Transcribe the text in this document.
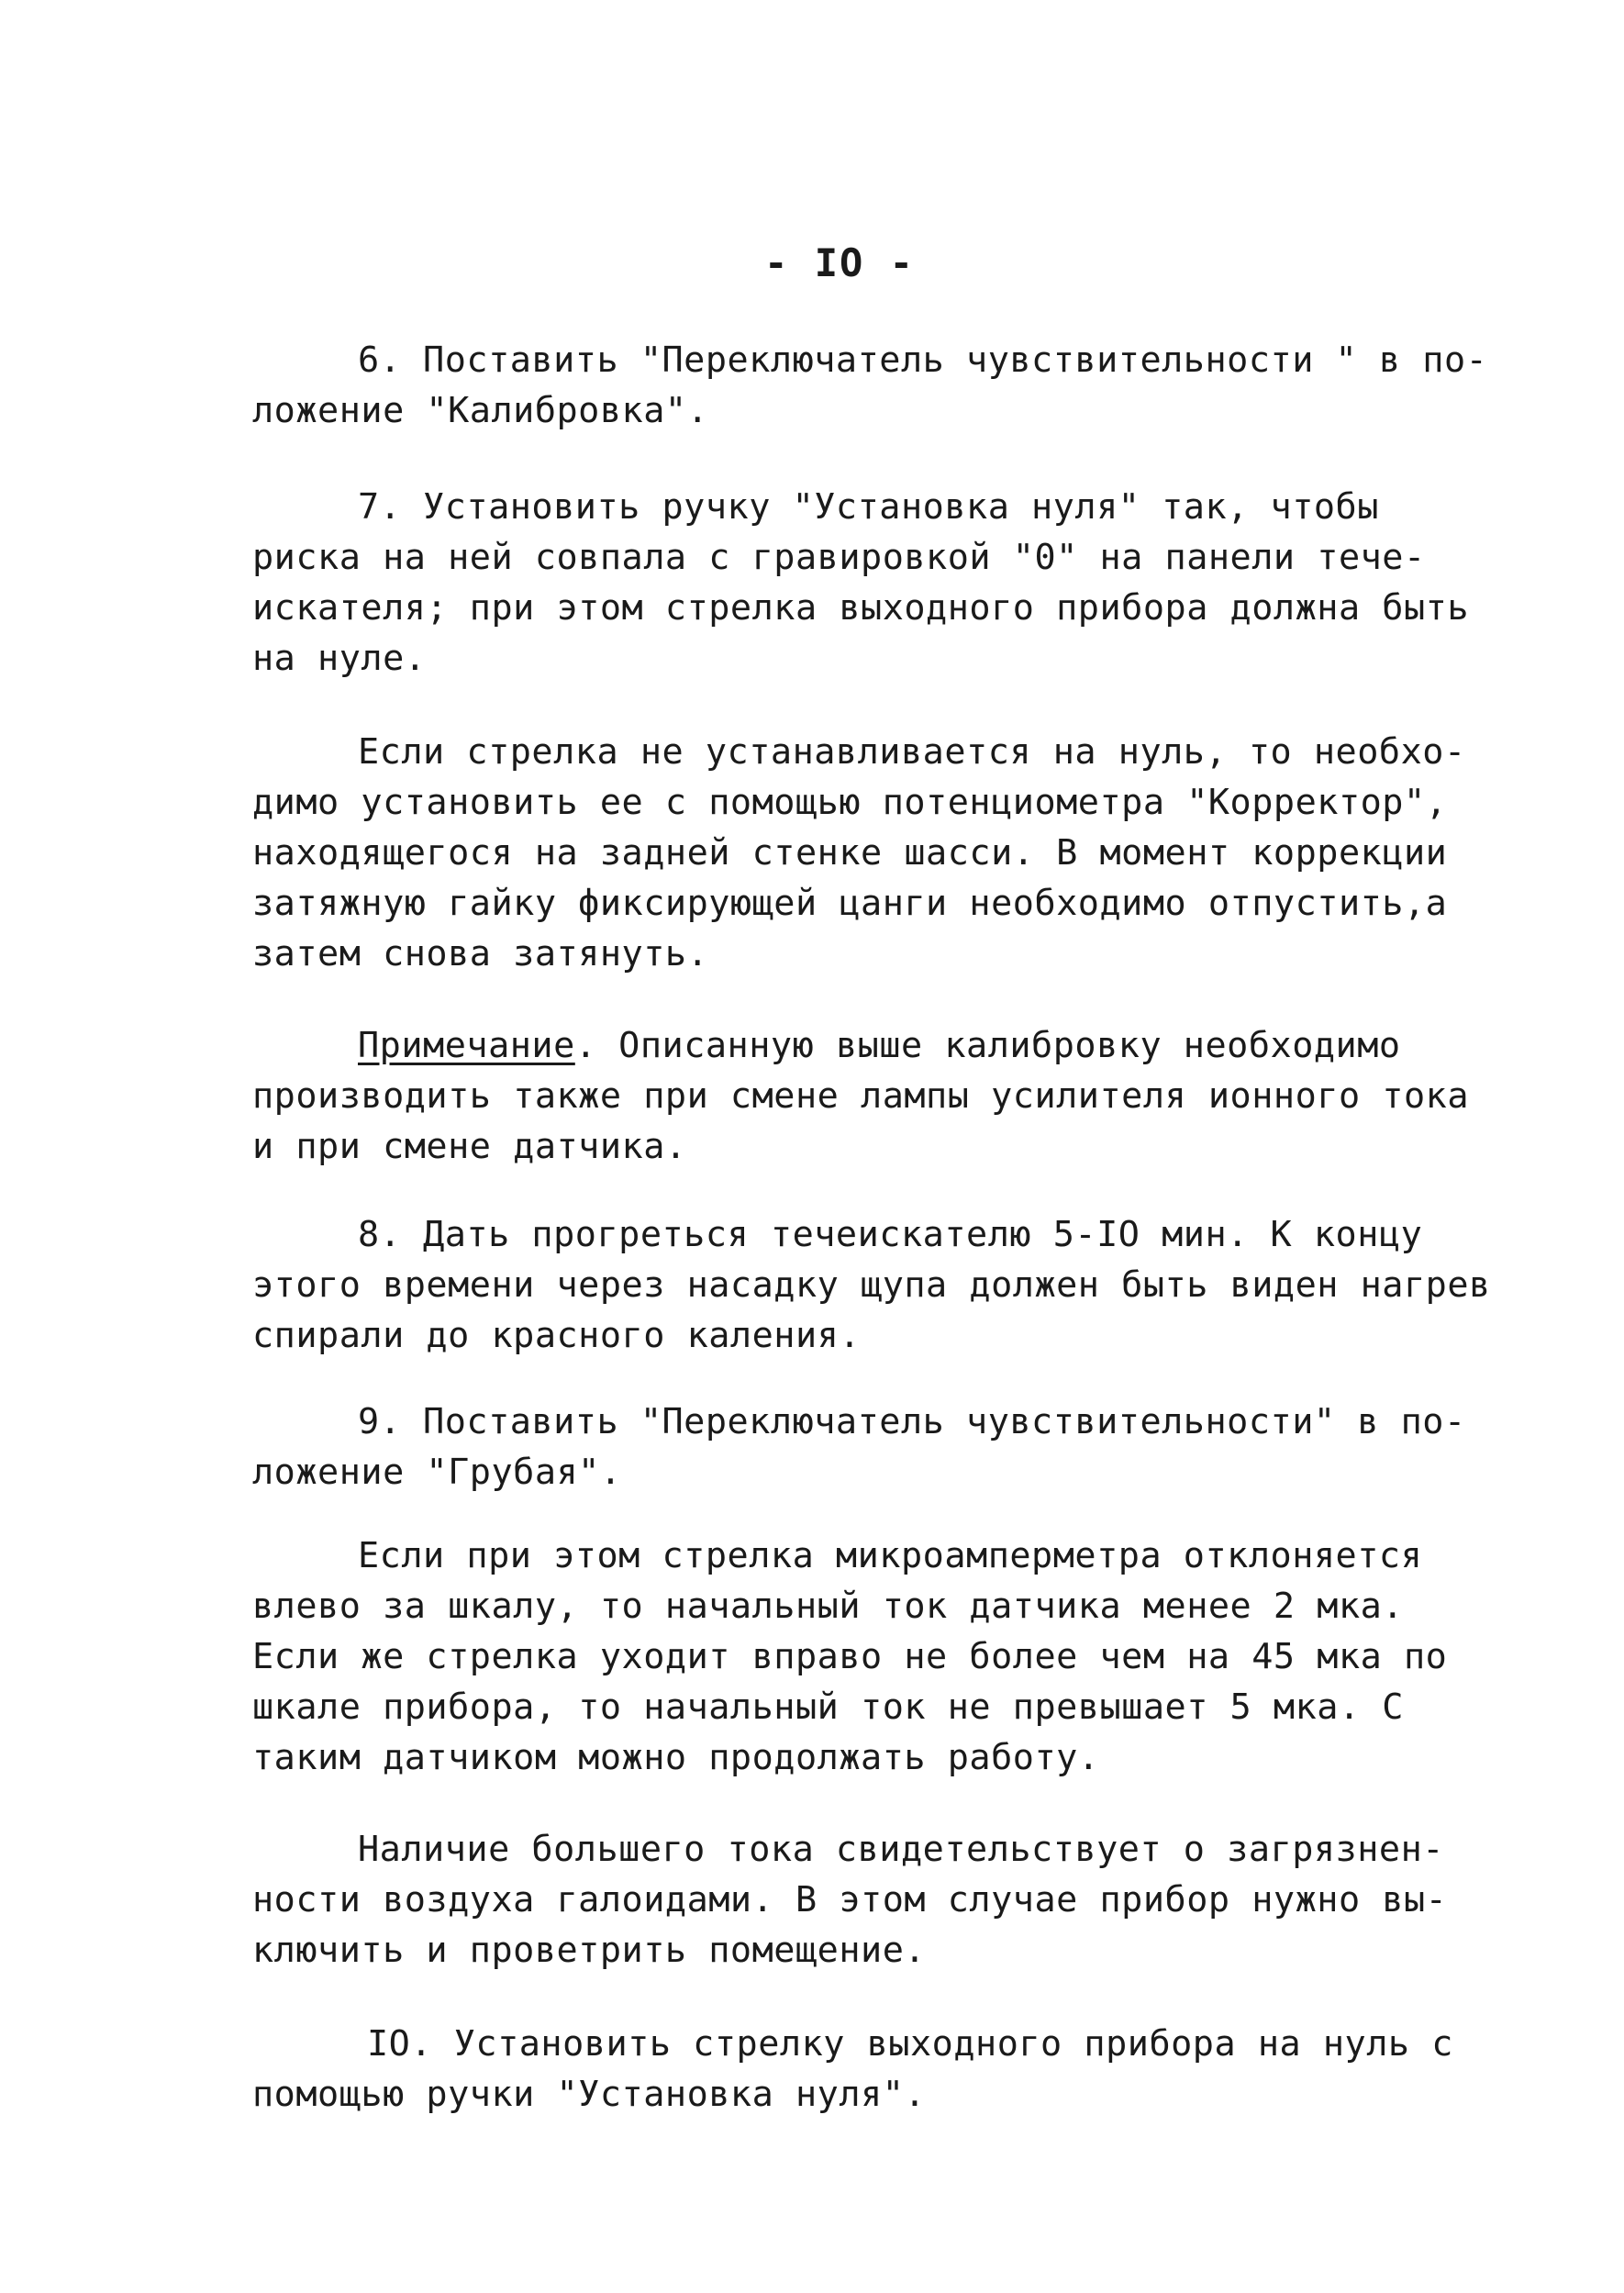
- IO -
6. Поставить "Переключатель чувствительности " в по-
ложение "Калибровка".
7. Установить ручку "Установка нуля" так, чтобы
риска на ней совпала с гравировкой "0" на панели тече-
искателя; при этом стрелка выходного прибора должна быть
на нуле.
Если стрелка не устанавливается на нуль, то необхо-
димо установить ее с помощью потенциометра "Корректор",
находящегося на задней стенке шасси. В момент коррекции
затяжную гайку фиксирующей цанги необходимо отпустить,а
затем снова затянуть.
Примечание. Описанную выше калибровку необходимо
производить также при смене лампы усилителя ионного тока
и при смене датчика.
8. Дать прогреться течеискателю 5-IO мин. К концу
этого времени через насадку щупа должен быть виден нагрев
спирали до красного каления.
9. Поставить "Переключатель чувствительности" в по-
ложение "Грубая".
Если при этом стрелка микроамперметра отклоняется
влево за шкалу, то начальный ток датчика менее 2 мка.
Если же стрелка уходит вправо не более чем на 45 мка по
шкале прибора, то начальный ток не превышает 5 мка. С
таким датчиком можно продолжать работу.
Наличие большего тока свидетельствует о загрязнен-
ности воздуха галоидами. В этом случае прибор нужно вы-
ключить и проветрить помещение.
IO. Установить стрелку выходного прибора на нуль с
помощью ручки "Установка нуля".
